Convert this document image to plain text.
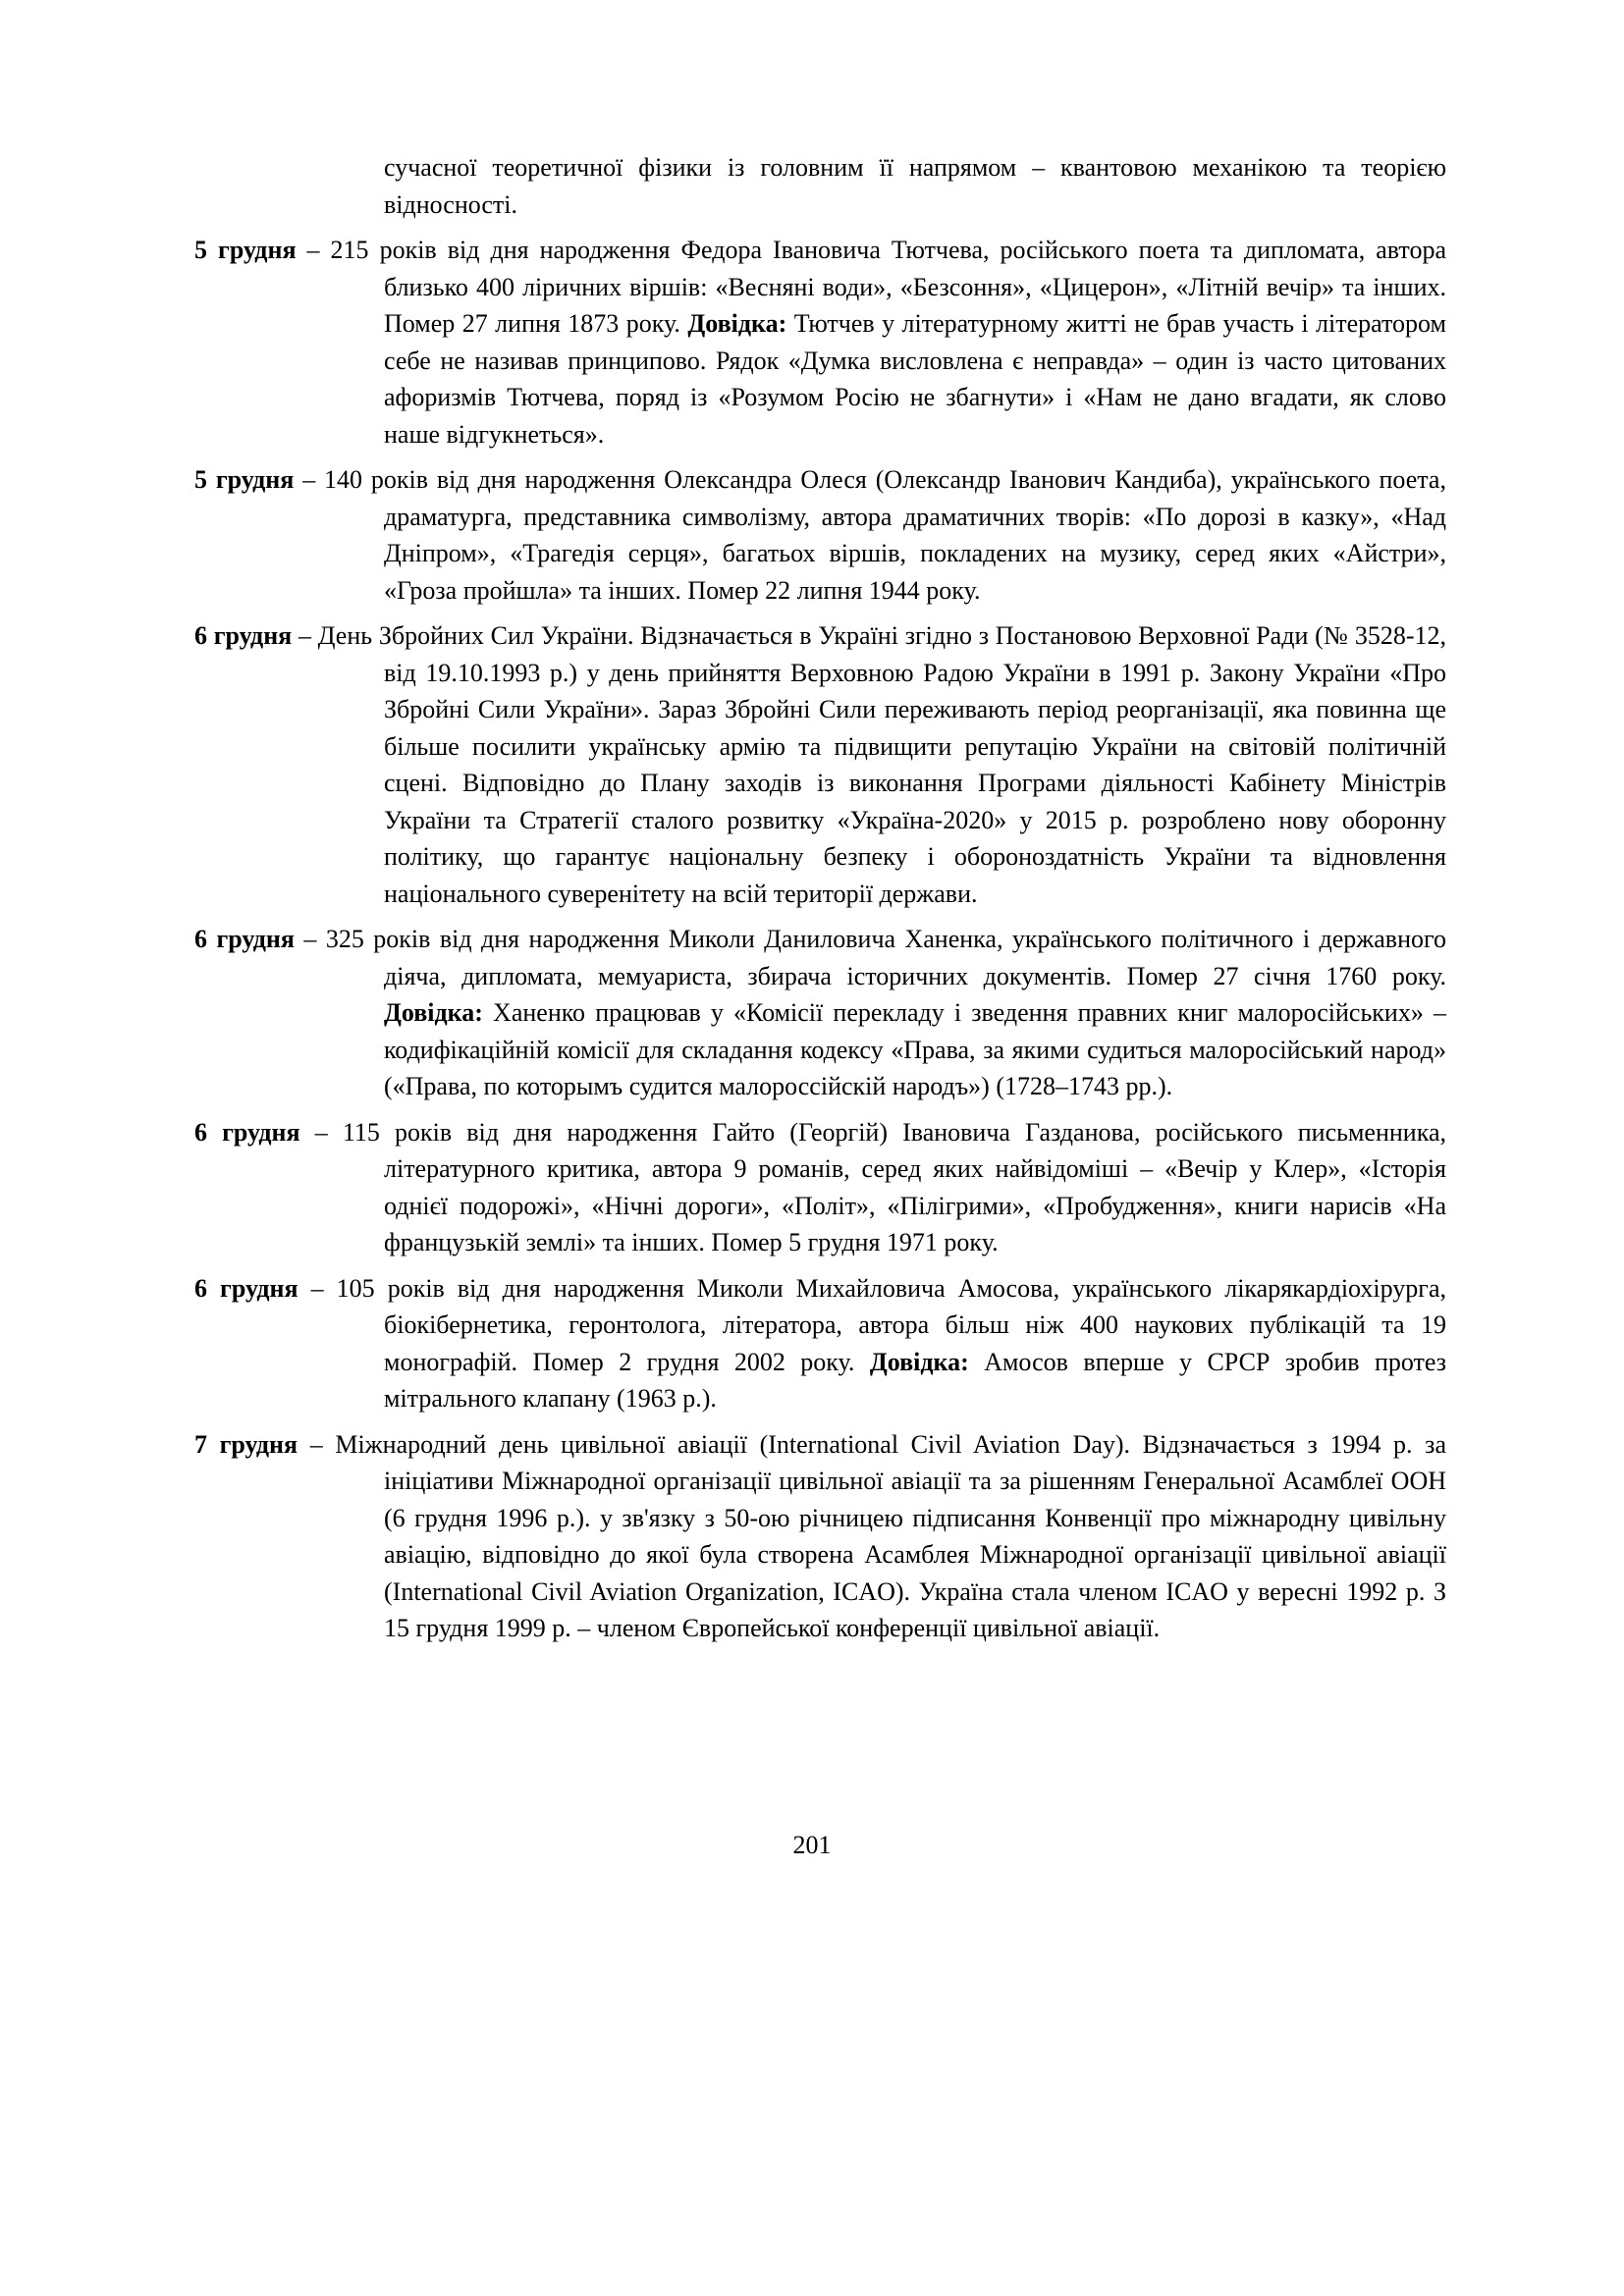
сучасної теоретичної фізики із головним її напрямом – квантовою механікою та теорією відносності.

5 грудня – 215 років від дня народження Федора Івановича Тютчева, російського поета та дипломата, автора близько 400 ліричних віршів: «Весняні води», «Безсоння», «Цицерон», «Літній вечір» та інших. Помер 27 липня 1873 року. Довідка: Тютчев у літературному житті не брав участь і літератором себе не називав принципово. Рядок «Думка висловлена є неправда» – один із часто цитованих афоризмів Тютчева, поряд із «Розумом Росію не збагнути» і «Нам не дано вгадати, як слово наше відгукнеться».

5 грудня – 140 років від дня народження Олександра Олеся (Олександр Іванович Кандиба), українського поета, драматурга, представника символізму, автора драматичних творів: «По дорозі в казку», «Над Дніпром», «Трагедія серця», багатьох віршів, покладених на музику, серед яких «Айстри», «Гроза пройшла» та інших. Помер 22 липня 1944 року.

6 грудня – День Збройних Сил України. Відзначається в Україні згідно з Постановою Верховної Ради (№ 3528-12, від 19.10.1993 р.) у день прийняття Верховною Радою України в 1991 р. Закону України «Про Збройні Сили України». Зараз Збройні Сили переживають період реорганізації, яка повинна ще більше посилити українську армію та підвищити репутацію України на світовій політичній сцені. Відповідно до Плану заходів із виконання Програми діяльності Кабінету Міністрів України та Стратегії сталого розвитку «Україна-2020» у 2015 р. розроблено нову оборонну політику, що гарантує національну безпеку і обороноздатність України та відновлення національного суверенітету на всій території держави.

6 грудня – 325 років від дня народження Миколи Даниловича Ханенка, українського політичного і державного діяча, дипломата, мемуариста, збирача історичних документів. Помер 27 січня 1760 року. Довідка: Ханенко працював у «Комісії перекладу і зведення правних книг малоросійських» – кодифікаційній комісії для складання кодексу «Права, за якими судиться малоросійський народ» («Права, по которымъ судится малороссійскій народъ») (1728–1743 рр.).

6 грудня – 115 років від дня народження Гайто (Георгій) Івановича Газданова, російського письменника, літературного критика, автора 9 романів, серед яких найвідоміші – «Вечір у Клер», «Історія однієї подорожі», «Нічні дороги», «Політ», «Пілігрими», «Пробудження», книги нарисів «На французькій землі» та інших. Помер 5 грудня 1971 року.

6 грудня – 105 років від дня народження Миколи Михайловича Амосова, українського лікарякардіохірурга, біокібернетика, геронтолога, літератора, автора більш ніж 400 наукових публікацій та 19 монографій. Помер 2 грудня 2002 року. Довідка: Амосов вперше у СРСР зробив протез мітрального клапану (1963 р.).

7 грудня – Міжнародний день цивільної авіації (International Civil Aviation Day). Відзначається з 1994 р. за ініціативи Міжнародної організації цивільної авіації та за рішенням Генеральної Асамблеї ООН (6 грудня 1996 р.). у зв'язку з 50-ою річницею підписання Конвенції про міжнародну цивільну авіацію, відповідно до якої була створена Асамблея Міжнародної організації цивільної авіації (International Civil Aviation Organization, ICAO). Україна стала членом ICAO у вересні 1992 р. З 15 грудня 1999 р. – членом Європейської конференції цивільної авіації.

201
